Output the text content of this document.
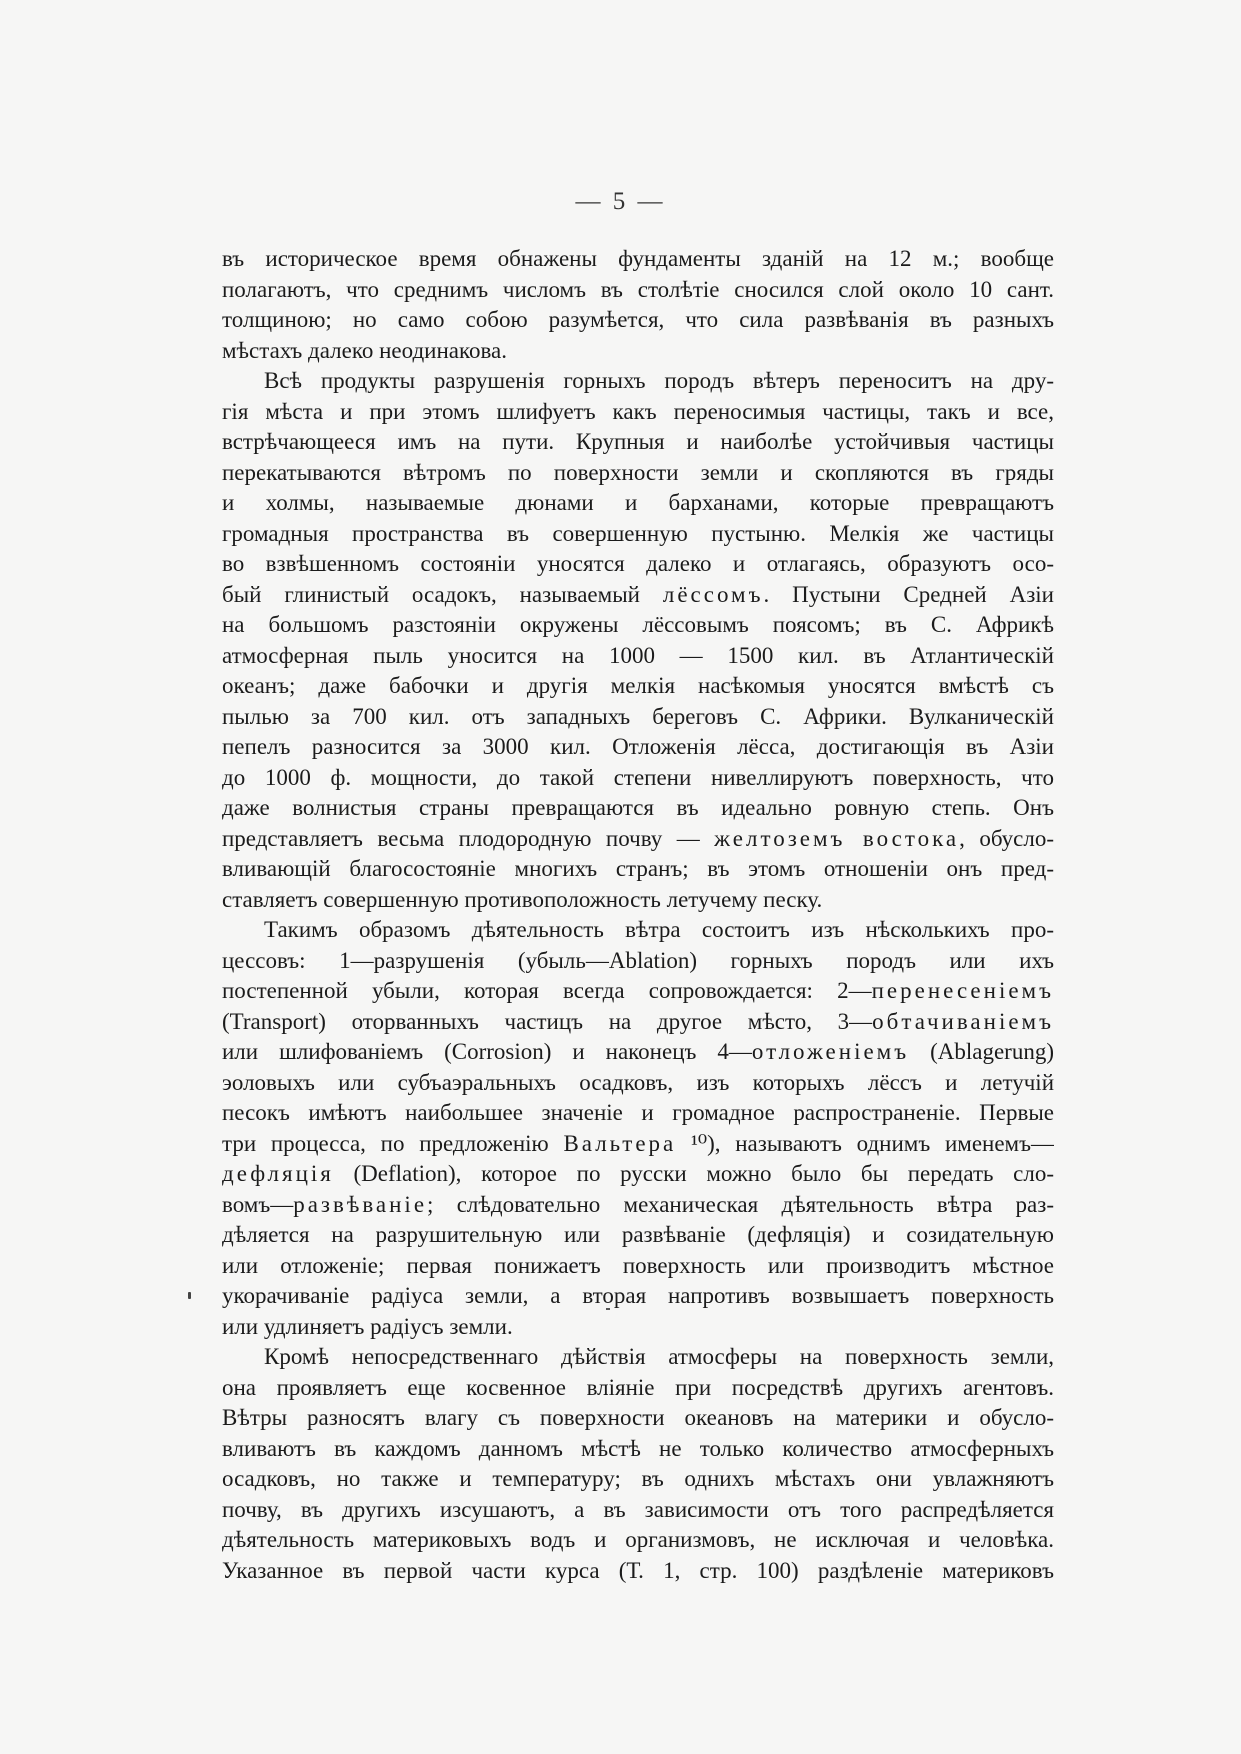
— 5 —
въ историческое время обнажены фундаменты зданій на 12 м.; вообще
полагаютъ, что среднимъ числомъ въ столѣтіе сносился слой около 10 сант.
толщиною; но само собою разумѣется, что сила развѣванія въ разныхъ
мѣстахъ далеко неодинакова.
Всѣ продукты разрушенія горныхъ породъ вѣтеръ переноситъ на дру-
гія мѣста и при этомъ шлифуетъ какъ переносимыя частицы, такъ и все,
встрѣчающееся имъ на пути. Крупныя и наиболѣе устойчивыя частицы
перекатываются вѣтромъ по поверхности земли и скопляются въ гряды
и холмы, называемые дюнами и барханами, которые превращаютъ
громадныя пространства въ совершенную пустыню. Мелкія же частицы
во взвѣшенномъ состояніи уносятся далеко и отлагаясь, образуютъ осо-
бый глинистый осадокъ, называемый лёссомъ. Пустыни Средней Азіи
на большомъ разстояніи окружены лёссовымъ поясомъ; въ С. Африкѣ
атмосферная пыль уносится на 1000 — 1500 кил. въ Атлантическій
океанъ; даже бабочки и другія мелкія насѣкомыя уносятся вмѣстѣ съ
пылью за 700 кил. отъ западныхъ береговъ С. Африки. Вулканическій
пепелъ разносится за 3000 кил. Отложенія лёсса, достигающія въ Азіи
до 1000 ф. мощности, до такой степени нивеллируютъ поверхность, что
даже волнистыя страны превращаются въ идеально ровную степь. Онъ
представляетъ весьма плодородную почву — желтоземъ востока, обусло-
вливающій благосостояніе многихъ странъ; въ этомъ отношеніи онъ пред-
ставляетъ совершенную противоположность летучему песку.
Такимъ образомъ дѣятельность вѣтра состоитъ изъ нѣсколькихъ про-
цессовъ: 1—разрушенія (убыль—Ablation) горныхъ породъ или ихъ
постепенной убыли, которая всегда сопровождается: 2—перенесеніемъ
(Transport) оторванныхъ частицъ на другое мѣсто, 3—обтачиваніемъ
или шлифованіемъ (Corrosion) и наконецъ 4—отложеніемъ (Ablagerung)
эоловыхъ или субъаэральныхъ осадковъ, изъ которыхъ лёссъ и летучій
песокъ имѣютъ наибольшее значеніе и громадное распространеніе. Первые
три процесса, по предложенію Вальтера ¹⁰), называютъ однимъ именемъ—
дефляція (Deflation), которое по русски можно было бы передать сло-
вомъ—развѣваніе; слѣдовательно механическая дѣятельность вѣтра раз-
дѣляется на разрушительную или развѣваніе (дефляція) и созидательную
или отложеніе; первая понижаетъ поверхность или производитъ мѣстное
укорачиваніе радіуса земли, а вторая напротивъ возвышаетъ поверхность
или удлиняетъ радіусъ земли.
Кромѣ непосредственнаго дѣйствія атмосферы на поверхность земли,
она проявляетъ еще косвенное вліяніе при посредствѣ другихъ агентовъ.
Вѣтры разносятъ влагу съ поверхности океановъ на материки и обусло-
вливаютъ въ каждомъ данномъ мѣстѣ не только количество атмосферныхъ
осадковъ, но также и температуру; въ однихъ мѣстахъ они увлажняютъ
почву, въ другихъ изсушаютъ, а въ зависимости отъ того распредѣляется
дѣятельность материковыхъ водъ и организмовъ, не исключая и человѣка.
Указанное въ первой части курса (Т. 1, стр. 100) раздѣленіе материковъ
